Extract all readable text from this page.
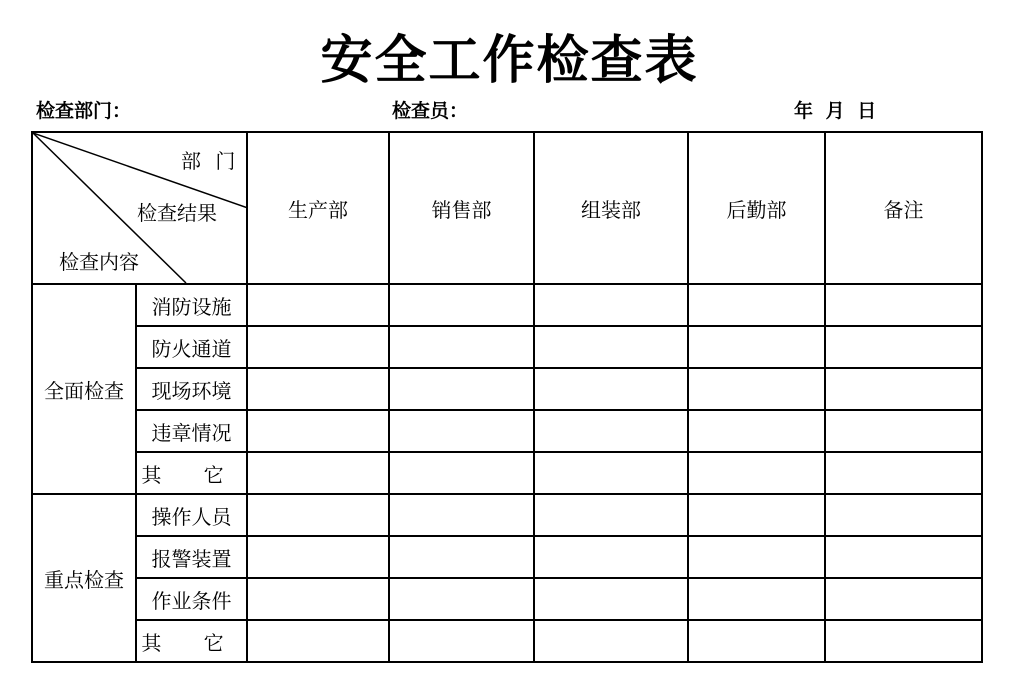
安全工作检查表
检查部门：	检查员：	年 月 日
部 门
检查结果
检查内容		生产部	销售部	组装部	后勤部	备注
全面检查	消防设施					
	防火通道					
	现场环境					
	违章情况					
	其 它					
重点检查	操作人员					
	报警装置					
	作业条件					
	其 它					
